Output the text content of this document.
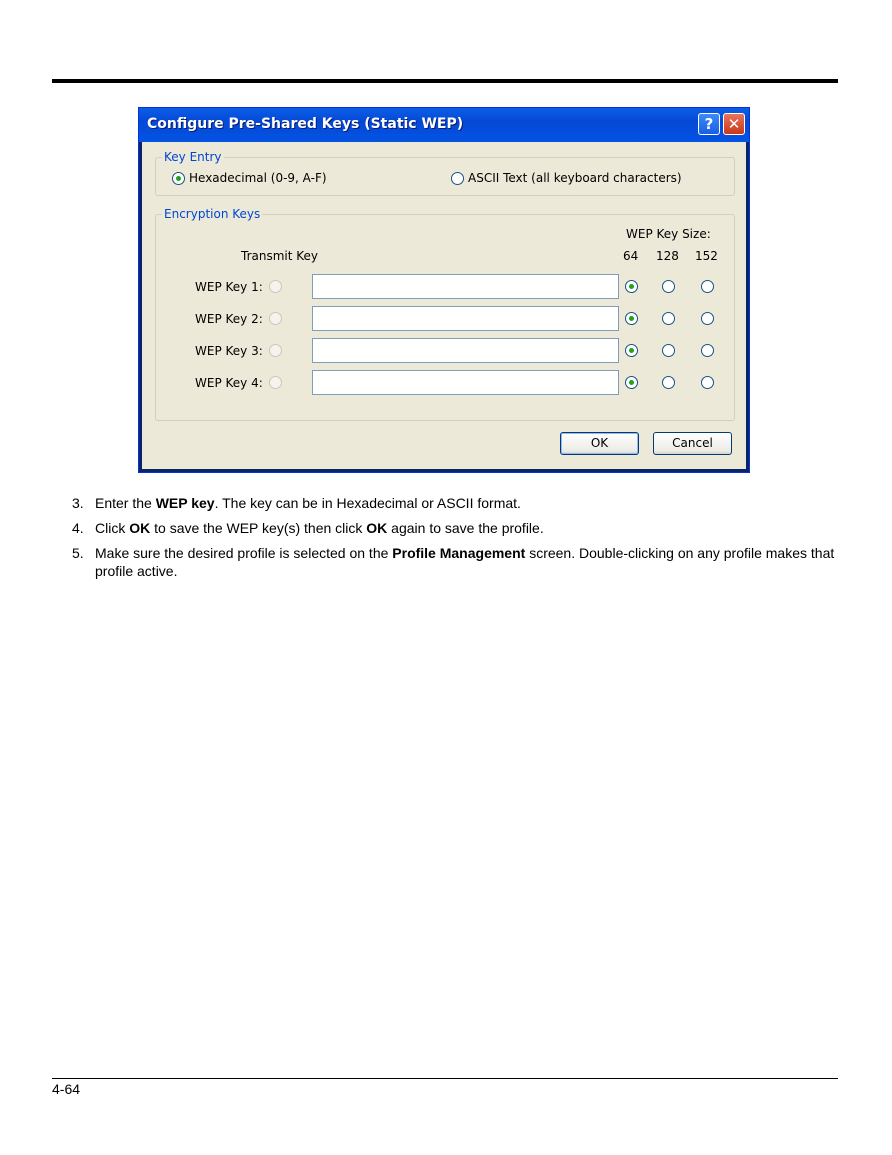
Configure Pre-Shared Keys (Static WEP)	? ✕
Key Entry
Hexadecimal (0-9, A-F)	ASCII Text (all keyboard characters)
Encryption Keys
WEP Key Size:
Transmit Key	64 128 152
WEP Key 1:
WEP Key 2:
WEP Key 3:
WEP Key 4:
OK	Cancel
3. Enter the WEP key. The key can be in Hexadecimal or ASCII format.
4. Click OK to save the WEP key(s) then click OK again to save the profile.
5. Make sure the desired profile is selected on the Profile Management screen. Double-clicking on any profile makes that profile active.
4-64
